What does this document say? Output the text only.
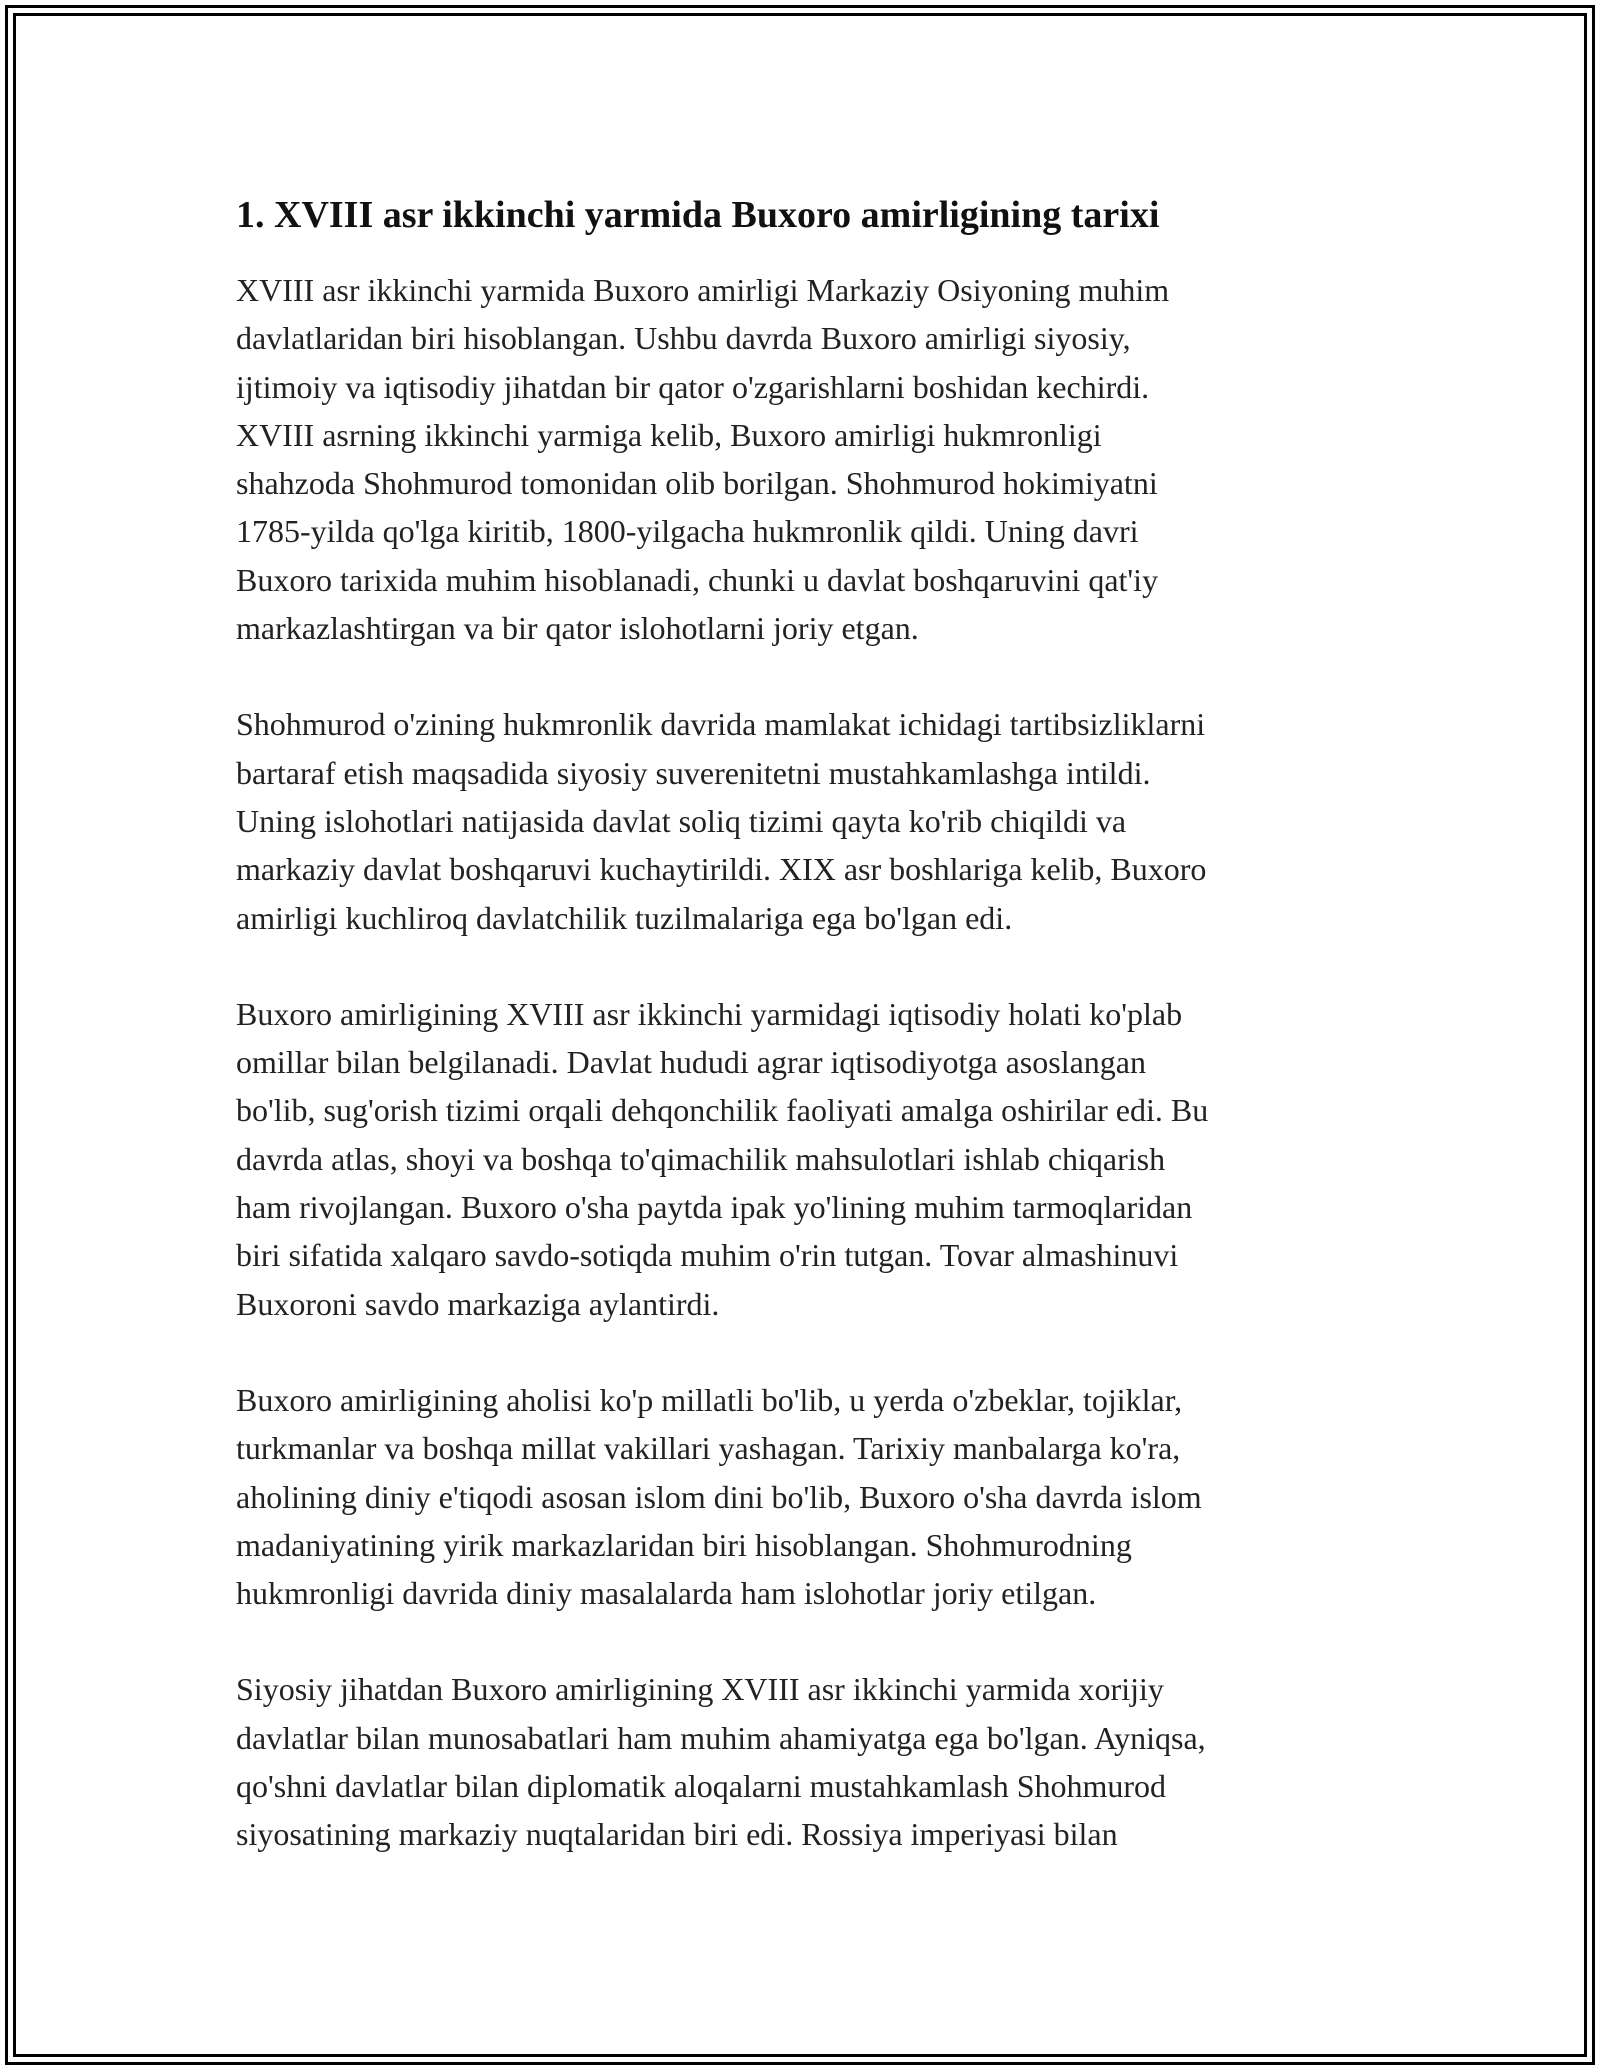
1. XVIII asr ikkinchi yarmida Buxoro amirligining tarixi

XVIII asr ikkinchi yarmida Buxoro amirligi Markaziy Osiyoning muhim
davlatlaridan biri hisoblangan. Ushbu davrda Buxoro amirligi siyosiy,
ijtimoiy va iqtisodiy jihatdan bir qator o'zgarishlarni boshidan kechirdi.
XVIII asrning ikkinchi yarmiga kelib, Buxoro amirligi hukmronligi
shahzoda Shohmurod tomonidan olib borilgan. Shohmurod hokimiyatni
1785-yilda qo'lga kiritib, 1800-yilgacha hukmronlik qildi. Uning davri
Buxoro tarixida muhim hisoblanadi, chunki u davlat boshqaruvini qat'iy
markazlashtirgan va bir qator islohotlarni joriy etgan.

Shohmurod o'zining hukmronlik davrida mamlakat ichidagi tartibsizliklarni
bartaraf etish maqsadida siyosiy suverenitetni mustahkamlashga intildi.
Uning islohotlari natijasida davlat soliq tizimi qayta ko'rib chiqildi va
markaziy davlat boshqaruvi kuchaytirildi. XIX asr boshlariga kelib, Buxoro
amirligi kuchliroq davlatchilik tuzilmalariga ega bo'lgan edi.

Buxoro amirligining XVIII asr ikkinchi yarmidagi iqtisodiy holati ko'plab
omillar bilan belgilanadi. Davlat hududi agrar iqtisodiyotga asoslangan
bo'lib, sug'orish tizimi orqali dehqonchilik faoliyati amalga oshirilar edi. Bu
davrda atlas, shoyi va boshqa to'qimachilik mahsulotlari ishlab chiqarish
ham rivojlangan. Buxoro o'sha paytda ipak yo'lining muhim tarmoqlaridan
biri sifatida xalqaro savdo-sotiqda muhim o'rin tutgan. Tovar almashinuvi
Buxoroni savdo markaziga aylantirdi.

Buxoro amirligining aholisi ko'p millatli bo'lib, u yerda o'zbeklar, tojiklar,
turkmanlar va boshqa millat vakillari yashagan. Tarixiy manbalarga ko'ra,
aholining diniy e'tiqodi asosan islom dini bo'lib, Buxoro o'sha davrda islom
madaniyatining yirik markazlaridan biri hisoblangan. Shohmurodning
hukmronligi davrida diniy masalalarda ham islohotlar joriy etilgan.

Siyosiy jihatdan Buxoro amirligining XVIII asr ikkinchi yarmida xorijiy
davlatlar bilan munosabatlari ham muhim ahamiyatga ega bo'lgan. Ayniqsa,
qo'shni davlatlar bilan diplomatik aloqalarni mustahkamlash Shohmurod
siyosatining markaziy nuqtalaridan biri edi. Rossiya imperiyasi bilan
